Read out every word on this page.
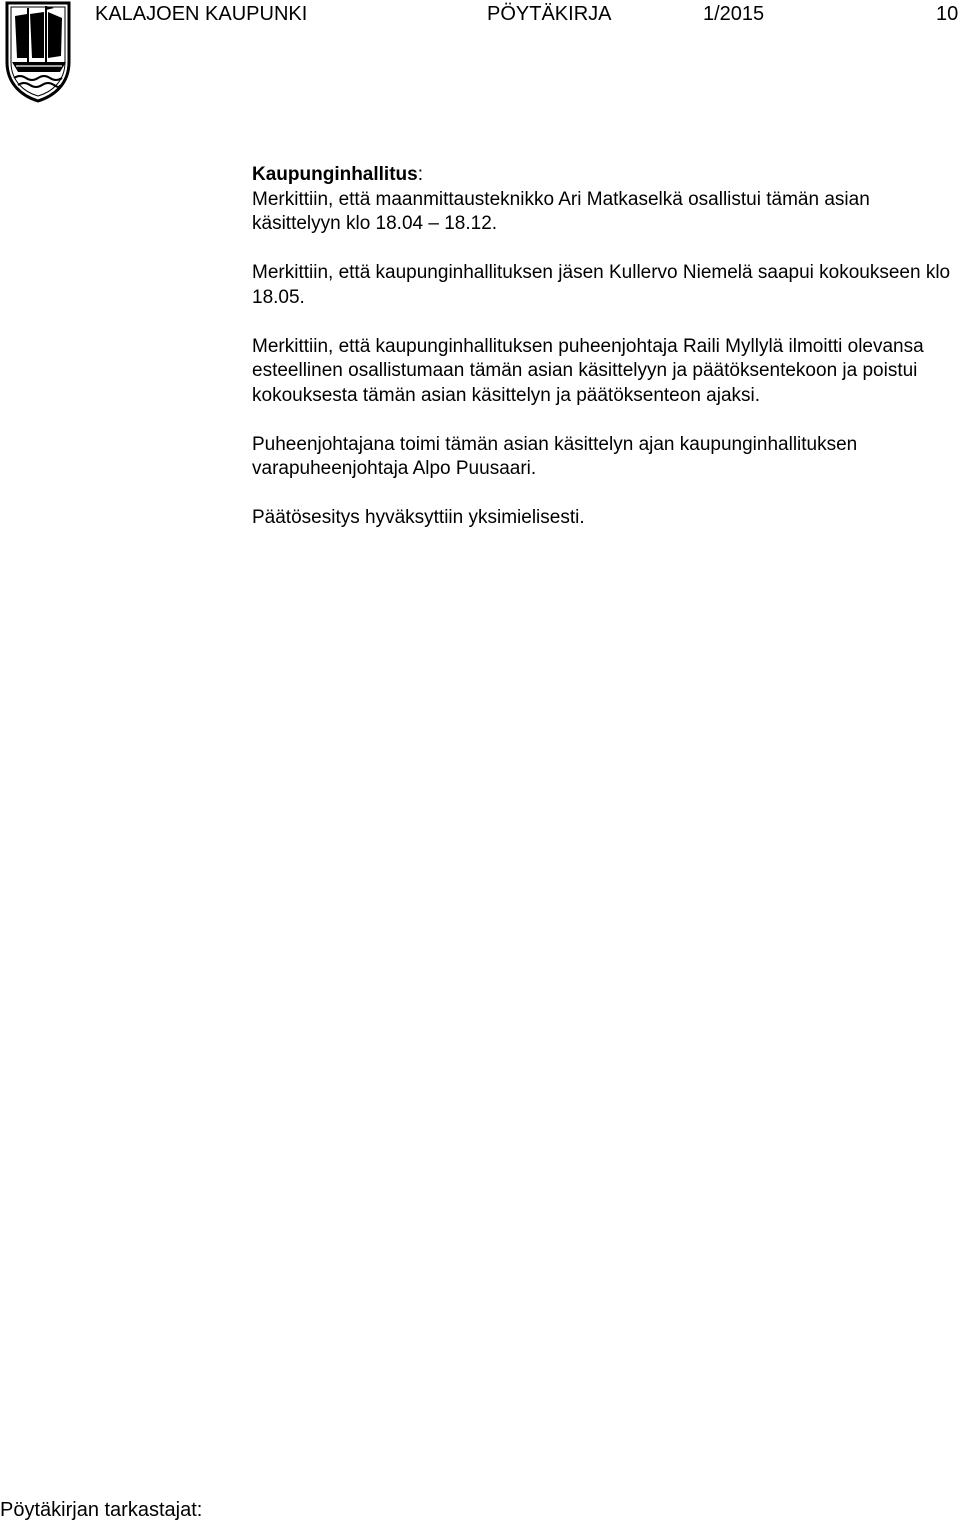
KALAJOEN KAUPUNKI	PÖYTÄKIRJA	1/2015	10

Kaupunginhallitus:

Merkittiin, että maanmittausteknikko Ari Matkaselkä osallistui tämän asian käsittelyyn klo 18.04 – 18.12.

Merkittiin, että kaupunginhallituksen jäsen Kullervo Niemelä saapui kokoukseen klo 18.05.

Merkittiin, että kaupunginhallituksen puheenjohtaja Raili Myllylä ilmoitti olevansa esteellinen osallistumaan tämän asian käsittelyyn ja päätöksentekoon ja poistui kokouksesta tämän asian käsittelyn ja päätöksenteon ajaksi.

Puheenjohtajana toimi tämän asian käsittelyn ajan kaupunginhallituksen varapuheenjohtaja Alpo Puusaari.

Päätösesitys hyväksyttiin yksimielisesti.

Pöytäkirjan tarkastajat:
